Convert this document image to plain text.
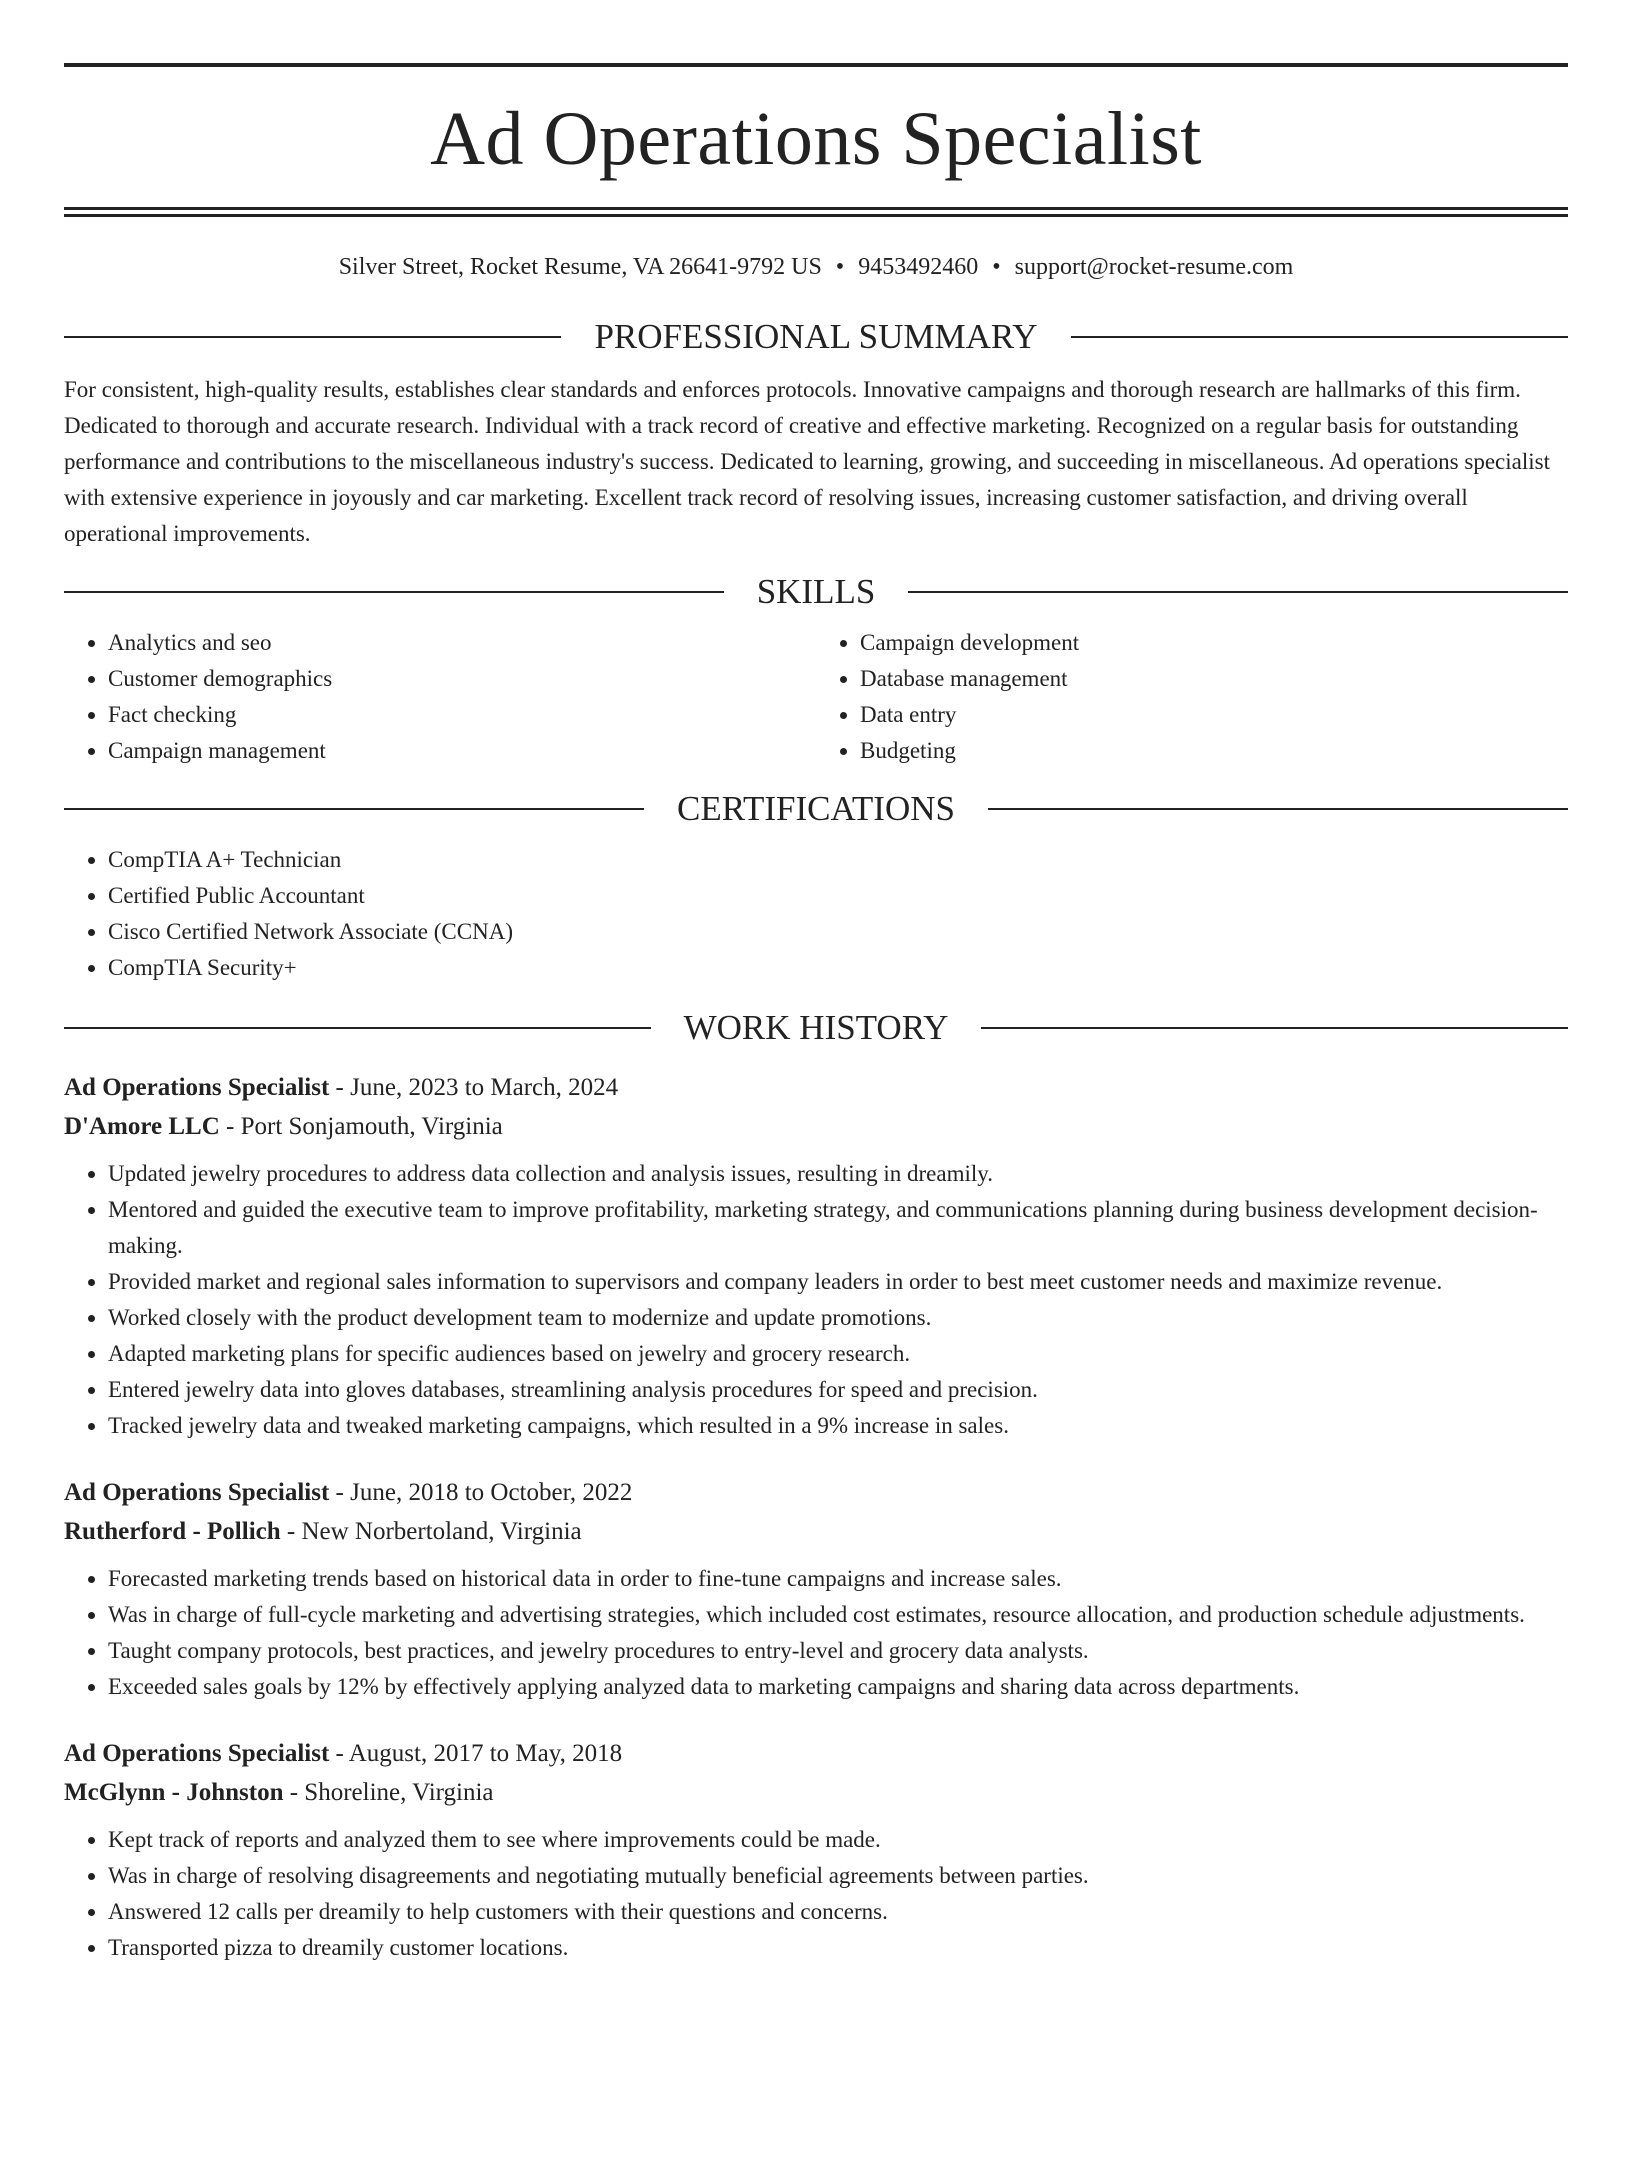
Ad Operations Specialist
Silver Street, Rocket Resume, VA 26641-9792 US • 9453492460 • support@rocket-resume.com
PROFESSIONAL SUMMARY

For consistent, high-quality results, establishes clear standards and enforces protocols. Innovative campaigns and thorough research are hallmarks of this firm. Dedicated to thorough and accurate research. Individual with a track record of creative and effective marketing. Recognized on a regular basis for outstanding performance and contributions to the miscellaneous industry's success. Dedicated to learning, growing, and succeeding in miscellaneous. Ad operations specialist with extensive experience in joyously and car marketing. Excellent track record of resolving issues, increasing customer satisfaction, and driving overall operational improvements.

SKILLS
• Analytics and seo
• Customer demographics
• Fact checking
• Campaign management
• Campaign development
• Database management
• Data entry
• Budgeting
CERTIFICATIONS
• CompTIA A+ Technician
• Certified Public Accountant
• Cisco Certified Network Associate (CCNA)
• CompTIA Security+
WORK HISTORY
Ad Operations Specialist - June, 2023 to March, 2024
D'Amore LLC - Port Sonjamouth, Virginia
• Updated jewelry procedures to address data collection and analysis issues, resulting in dreamily.
• Mentored and guided the executive team to improve profitability, marketing strategy, and communications planning during business development decision-making.
• Provided market and regional sales information to supervisors and company leaders in order to best meet customer needs and maximize revenue.
• Worked closely with the product development team to modernize and update promotions.
• Adapted marketing plans for specific audiences based on jewelry and grocery research.
• Entered jewelry data into gloves databases, streamlining analysis procedures for speed and precision.
• Tracked jewelry data and tweaked marketing campaigns, which resulted in a 9% increase in sales.
Ad Operations Specialist - June, 2018 to October, 2022
Rutherford - Pollich - New Norbertoland, Virginia
• Forecasted marketing trends based on historical data in order to fine-tune campaigns and increase sales.
• Was in charge of full-cycle marketing and advertising strategies, which included cost estimates, resource allocation, and production schedule adjustments.
• Taught company protocols, best practices, and jewelry procedures to entry-level and grocery data analysts.
• Exceeded sales goals by 12% by effectively applying analyzed data to marketing campaigns and sharing data across departments.
Ad Operations Specialist - August, 2017 to May, 2018
McGlynn - Johnston - Shoreline, Virginia
• Kept track of reports and analyzed them to see where improvements could be made.
• Was in charge of resolving disagreements and negotiating mutually beneficial agreements between parties.
• Answered 12 calls per dreamily to help customers with their questions and concerns.
• Transported pizza to dreamily customer locations.
